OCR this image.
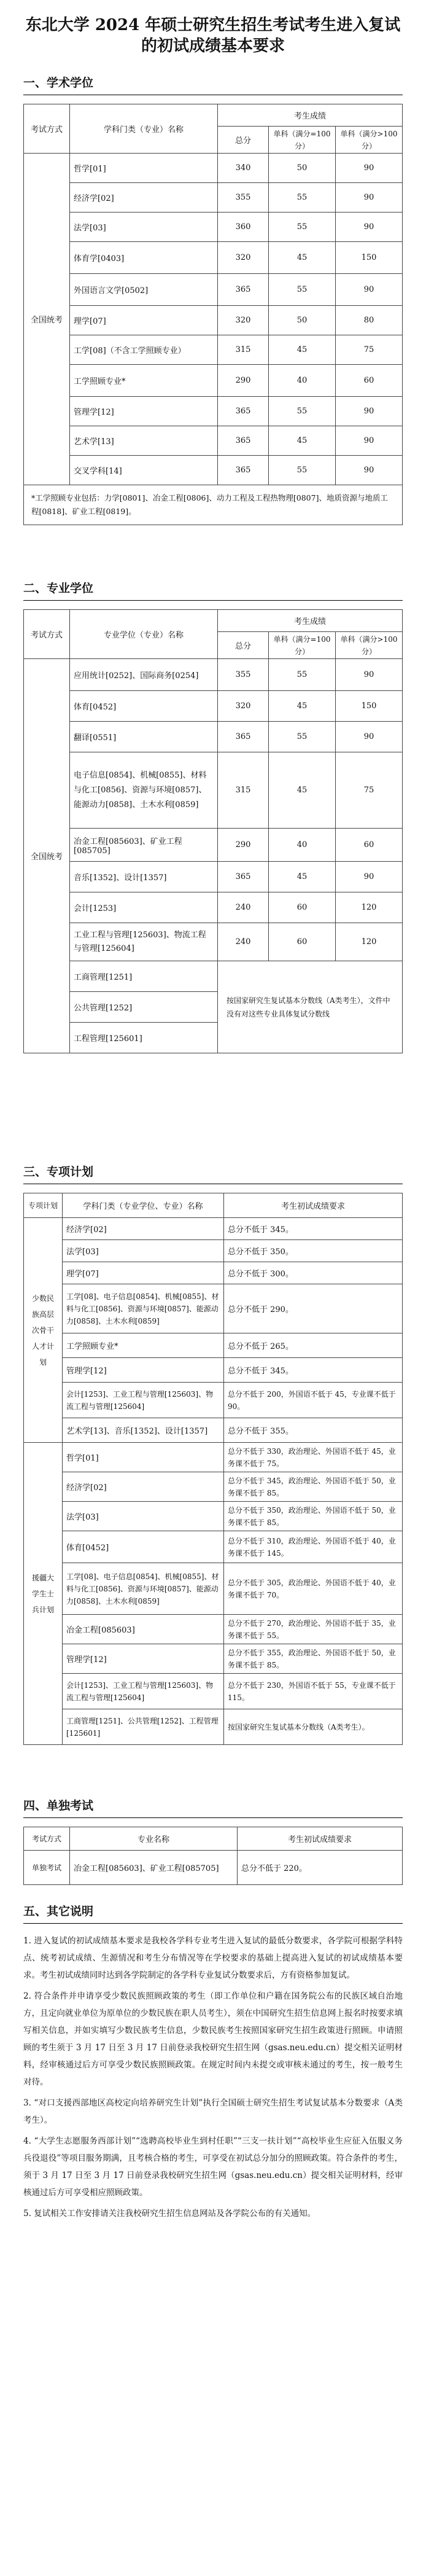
东北大学 2024 年硕士研究生招生考试考生进入复试的初试成绩基本要求
一、学术学位
考试方式	学科门类（专业）名称	考生成绩		
		总分	单科（满分=100分）	单科（满分>100分）
全国统考	哲学[01]	340	50	90
	经济学[02]	355	55	90
	法学[03]	360	55	90
	体育学[0403]	320	45	150
	外国语言文学[0502]	365	55	90
	理学[07]	320	50	80
	工学[08]（不含工学照顾专业）	315	45	75
	工学照顾专业*	290	40	60
	管理学[12]	365	55	90
	艺术学[13]	365	45	90
	交叉学科[14]	365	55	90
*工学照顾专业包括：力学[0801]、冶金工程[0806]、动力工程及工程热物理[0807]、地质资源与地质工程[0818]、矿业工程[0819]。				
二、专业学位
考试方式	专业学位（专业）名称	考生成绩		
		总分	单科（满分=100分）	单科（满分>100分）
全国统考	应用统计[0252]、国际商务[0254]	355	55	90
	体育[0452]	320	45	150
	翻译[0551]	365	55	90
	电子信息[0854]、机械[0855]、材料与化工[0856]、资源与环境[0857]、能源动力[0858]、土木水利[0859]	315	45	75
	冶金工程[085603]、矿业工程[085705]	290	40	60
	音乐[1352]、设计[1357]	365	45	90
	会计[1253]	240	60	120
	工业工程与管理[125603]、物流工程与管理[125604]	240	60	120
	工商管理[1251]	按国家研究生复试基本分数线（A类考生），文件中没有对这些专业具体复试分数线		
	公共管理[1252]			
	工程管理[125601]			
三、专项计划
专项计划	学科门类（专业学位、专业）名称	考生初试成绩要求
少数民族高层次骨干人才计划	经济学[02]	总分不低于 345。
	法学[03]	总分不低于 350。
	理学[07]	总分不低于 300。
	工学[08]、电子信息[0854]、机械[0855]、材料与化工[0856]、资源与环境[0857]、能源动力[0858]、土木水利[0859]	总分不低于 290。
	工学照顾专业*	总分不低于 265。
	管理学[12]	总分不低于 345。
	会计[1253]、工业工程与管理[125603]、物流工程与管理[125604]	总分不低于 200，外国语不低于 45，专业课不低于 90。
	艺术学[13]、音乐[1352]、设计[1357]	总分不低于 355。
援疆大学生士兵计划	哲学[01]	总分不低于 330，政治理论、外国语不低于 45，业务课不低于 75。
	经济学[02]	总分不低于 345，政治理论、外国语不低于 50，业务课不低于 85。
	法学[03]	总分不低于 350，政治理论、外国语不低于 50，业务课不低于 85。
	体育[0452]	总分不低于 310，政治理论、外国语不低于 40，业务课不低于 145。
	工学[08]、电子信息[0854]、机械[0855]、材料与化工[0856]、资源与环境[0857]、能源动力[0858]、土木水利[0859]	总分不低于 305，政治理论、外国语不低于 40，业务课不低于 70。
	冶金工程[085603]	总分不低于 270，政治理论、外国语不低于 35，业务课不低于 55。
	管理学[12]	总分不低于 355，政治理论、外国语不低于 50，业务课不低于 85。
	会计[1253]、工业工程与管理[125603]、物流工程与管理[125604]	总分不低于 230，外国语不低于 55，专业课不低于 115。
	工商管理[1251]、公共管理[1252]、工程管理[125601]	按国家研究生复试基本分数线（A类考生）。
四、单独考试
考试方式	专业名称	考生初试成绩要求
单独考试	冶金工程[085603]、矿业工程[085705]	总分不低于 220。
五、其它说明

1. 进入复试的初试成绩基本要求是我校各学科专业考生进入复试的最低分数要求，各学院可根据学科特点、统考初试成绩、生源情况和考生分布情况等在学校要求的基础上提高进入复试的初试成绩基本要求。考生初试成绩同时达到各学院制定的各学科专业复试分数要求后，方有资格参加复试。

2. 符合条件并申请享受少数民族照顾政策的考生（即工作单位和户籍在国务院公布的民族区域自治地方，且定向就业单位为原单位的少数民族在职人员考生），须在中国研究生招生信息网上报名时按要求填写相关信息，并如实填写少数民族考生信息，少数民族考生按照国家研究生招生政策进行照顾。申请照顾的考生须于 3 月 17 日至 3 月 17 日前登录我校研究生招生网（gsas.neu.edu.cn）提交相关证明材料，经审核通过后方可享受少数民族照顾政策。在规定时间内未提交或审核未通过的考生，按一般考生对待。

3. “对口支援西部地区高校定向培养研究生计划”执行全国硕士研究生招生考试复试基本分数要求（A类考生）。

4. “大学生志愿服务西部计划”“选聘高校毕业生到村任职”“三支一扶计划”“高校毕业生应征入伍服义务兵役退役”等项目服务期满，且考核合格的考生，可享受在初试总分加分的照顾政策。符合条件的考生，须于 3 月 17 日至 3 月 17 日前登录我校研究生招生网（gsas.neu.edu.cn）提交相关证明材料，经审核通过后方可享受相应照顾政策。

5. 复试相关工作安排请关注我校研究生招生信息网站及各学院公布的有关通知。
